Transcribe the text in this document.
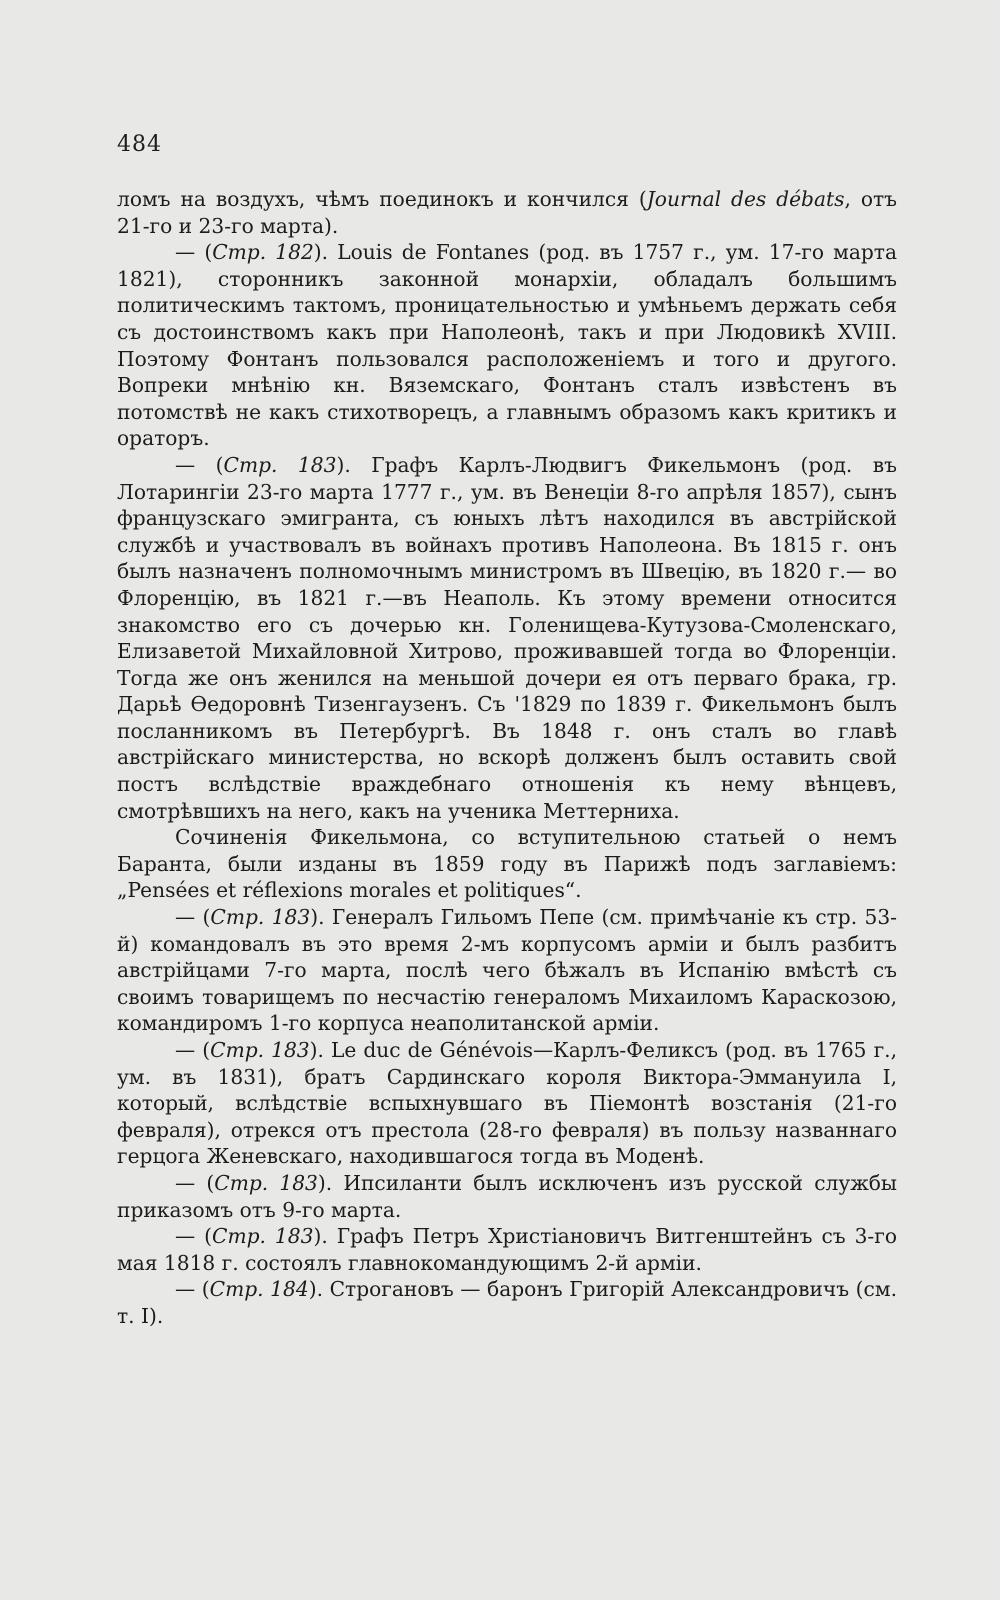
484

ломъ на воздухъ, чѣмъ поединокъ и кончился (Journal des débats, отъ 21-го и 23-го марта).

— (Стр. 182). Louis de Fontanes (род. въ 1757 г., ум. 17-го марта 1821), сторонникъ законной монархіи, обладалъ большимъ политическимъ тактомъ, проницательностью и умѣньемъ держать себя съ достоинствомъ какъ при Наполеонѣ, такъ и при Людовикѣ XVIII. Поэтому Фонтанъ пользовался расположеніемъ и того и другого. Вопреки мнѣнію кн. Вяземскаго, Фонтанъ сталъ извѣстенъ въ потомствѣ не какъ стихотворецъ, а главнымъ образомъ какъ критикъ и ораторъ.

— (Стр. 183). Графъ Карлъ-Людвигъ Фикельмонъ (род. въ Лотарингіи 23-го марта 1777 г., ум. въ Венеціи 8-го апрѣля 1857), сынъ французскаго эмигранта, съ юныхъ лѣтъ находился въ австрійской службѣ и участвовалъ въ войнахъ противъ Наполеона. Въ 1815 г. онъ былъ назначенъ полномочнымъ министромъ въ Швецію, въ 1820 г.— во Флоренцію, въ 1821 г.—въ Неаполь. Къ этому времени относится знакомство его съ дочерью кн. Голенищева-Кутузова-Смоленскаго, Елизаветой Михайловной Хитрово, проживавшей тогда во Флоренціи. Тогда же онъ женился на меньшой дочери ея отъ перваго брака, гр. Дарьѣ Ѳедоровнѣ Тизенгаузенъ. Съ '1829 по 1839 г. Фикельмонъ былъ посланникомъ въ Петербургѣ. Въ 1848 г. онъ сталъ во главѣ австрійскаго министерства, но вскорѣ долженъ былъ оставить свой постъ вслѣдствіе враждебнаго отношенія къ нему вѣнцевъ, смотрѣвшихъ на него, какъ на ученика Меттерниха.

Сочиненія Фикельмона, со вступительною статьей о немъ Баранта, были изданы въ 1859 году въ Парижѣ подъ заглавіемъ: „Pensées et réflexions morales et politiques“.

— (Стр. 183). Генералъ Гильомъ Пепе (см. примѣчаніе къ стр. 53-й) командовалъ въ это время 2-мъ корпусомъ арміи и былъ разбитъ австрійцами 7-го марта, послѣ чего бѣжалъ въ Испанію вмѣстѣ съ своимъ товарищемъ по несчастію генераломъ Михаиломъ Караскозою, командиромъ 1-го корпуса неаполитанской арміи.

— (Стр. 183). Le duc de Génévois—Карлъ-Феликсъ (род. въ 1765 г., ум. въ 1831), братъ Сардинскаго короля Виктора-Эммануила I, который, вслѣдствіе вспыхнувшаго въ Піемонтѣ возстанія (21-го февраля), отрекся отъ престола (28-го февраля) въ пользу названнаго герцога Женевскаго, находившагося тогда въ Моденѣ.

— (Стр. 183). Ипсиланти былъ исключенъ изъ русской службы приказомъ отъ 9-го марта.

— (Стр. 183). Графъ Петръ Христіановичъ Витгенштейнъ съ 3-го мая 1818 г. состоялъ главнокомандующимъ 2-й арміи.

— (Стр. 184). Строгановъ — баронъ Григорій Александровичъ (см. т. I).
